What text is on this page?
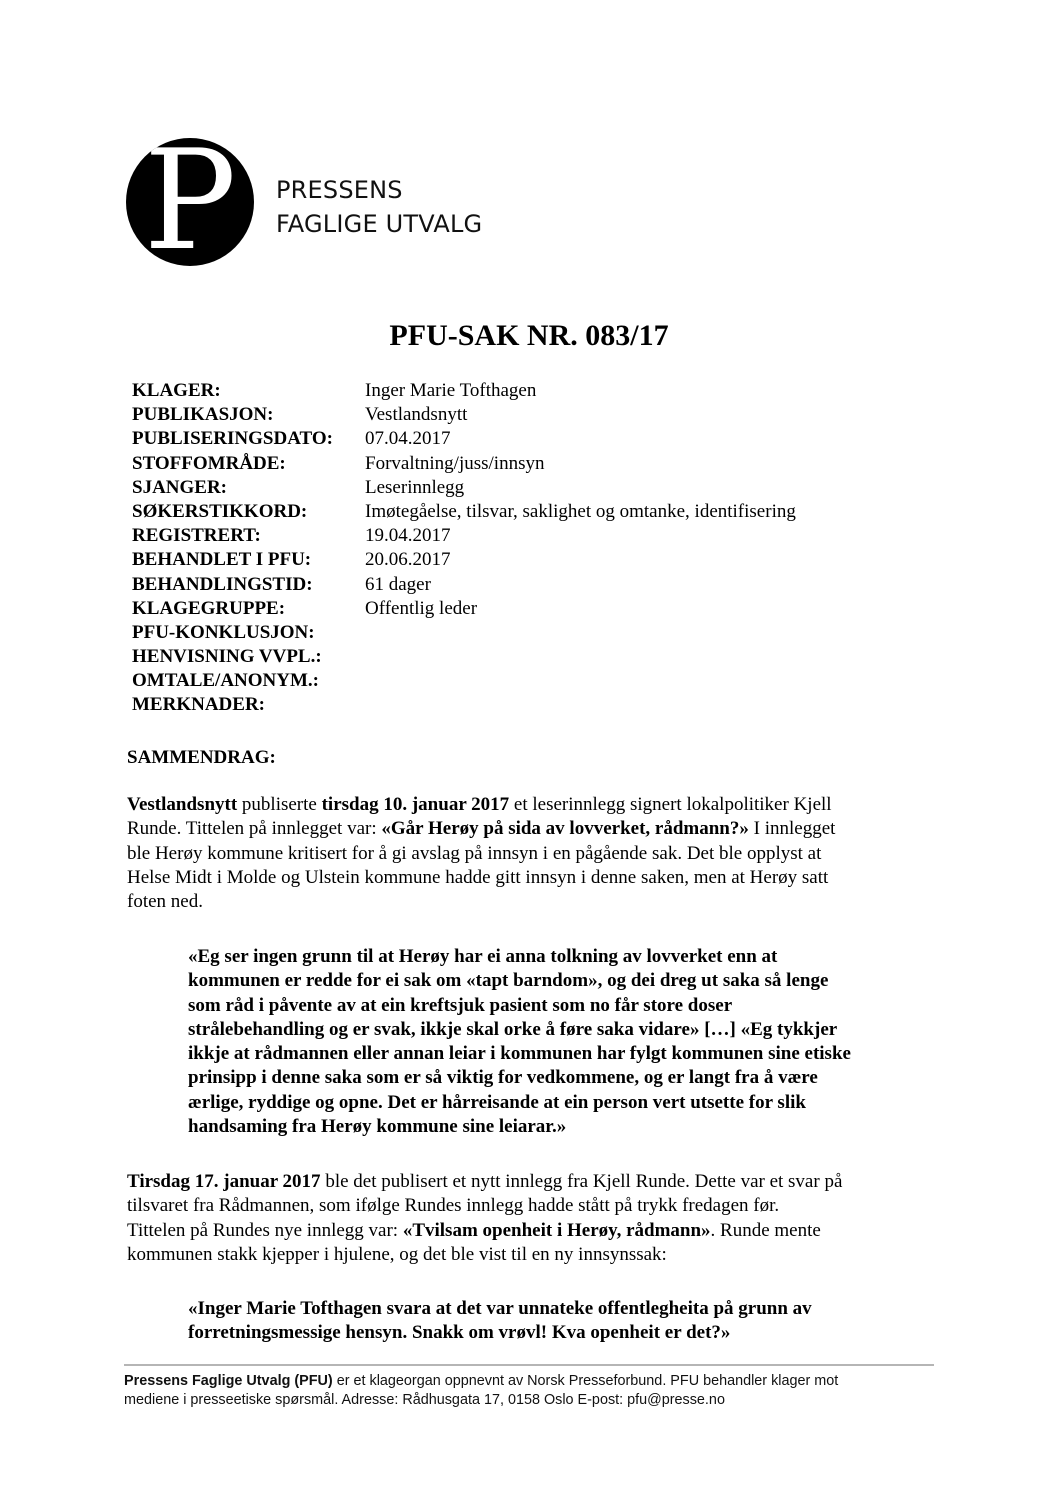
P	PRESSENS
FAGLIGE UTVALG
PFU-SAK NR. 083/17
KLAGER:	Inger Marie Tofthagen
PUBLIKASJON:	Vestlandsnytt
PUBLISERINGSDATO:	07.04.2017
STOFFOMRÅDE:	Forvaltning/juss/innsyn
SJANGER:	Leserinnlegg
SØKERSTIKKORD:	Imøtegåelse, tilsvar, saklighet og omtanke, identifisering
REGISTRERT:	19.04.2017
BEHANDLET I PFU:	20.06.2017
BEHANDLINGSTID:	61 dager
KLAGEGRUPPE:	Offentlig leder
PFU-KONKLUSJON:
HENVISNING VVPL.:
OMTALE/ANONYM.:
MERKNADER:
SAMMENDRAG:
Vestlandsnytt publiserte tirsdag 10. januar 2017 et leserinnlegg signert lokalpolitiker Kjell
Runde. Tittelen på innlegget var: «Går Herøy på sida av lovverket, rådmann?» I innlegget
ble Herøy kommune kritisert for å gi avslag på innsyn i en pågående sak. Det ble opplyst at
Helse Midt i Molde og Ulstein kommune hadde gitt innsyn i denne saken, men at Herøy satt
foten ned.
«Eg ser ingen grunn til at Herøy har ei anna tolkning av lovverket enn at
kommunen er redde for ei sak om «tapt barndom», og dei dreg ut saka så lenge
som råd i påvente av at ein kreftsjuk pasient som no får store doser
strålebehandling og er svak, ikkje skal orke å føre saka vidare» […] «Eg tykkjer
ikkje at rådmannen eller annan leiar i kommunen har fylgt kommunen sine etiske
prinsipp i denne saka som er så viktig for vedkommene, og er langt fra å være
ærlige, ryddige og opne. Det er hårreisande at ein person vert utsette for slik
handsaming fra Herøy kommune sine leiarar.»
Tirsdag 17. januar 2017 ble det publisert et nytt innlegg fra Kjell Runde. Dette var et svar på
tilsvaret fra Rådmannen, som ifølge Rundes innlegg hadde stått på trykk fredagen før.
Tittelen på Rundes nye innlegg var: «Tvilsam openheit i Herøy, rådmann». Runde mente
kommunen stakk kjepper i hjulene, og det ble vist til en ny innsynssak:
«Inger Marie Tofthagen svara at det var unnateke offentlegheita på grunn av
forretningsmessige hensyn. Snakk om vrøvl! Kva openheit er det?»
Pressens Faglige Utvalg (PFU) er et klageorgan oppnevnt av Norsk Presseforbund. PFU behandler klager mot
mediene i presseetiske spørsmål. Adresse: Rådhusgata 17, 0158 Oslo E-post: pfu@presse.no
